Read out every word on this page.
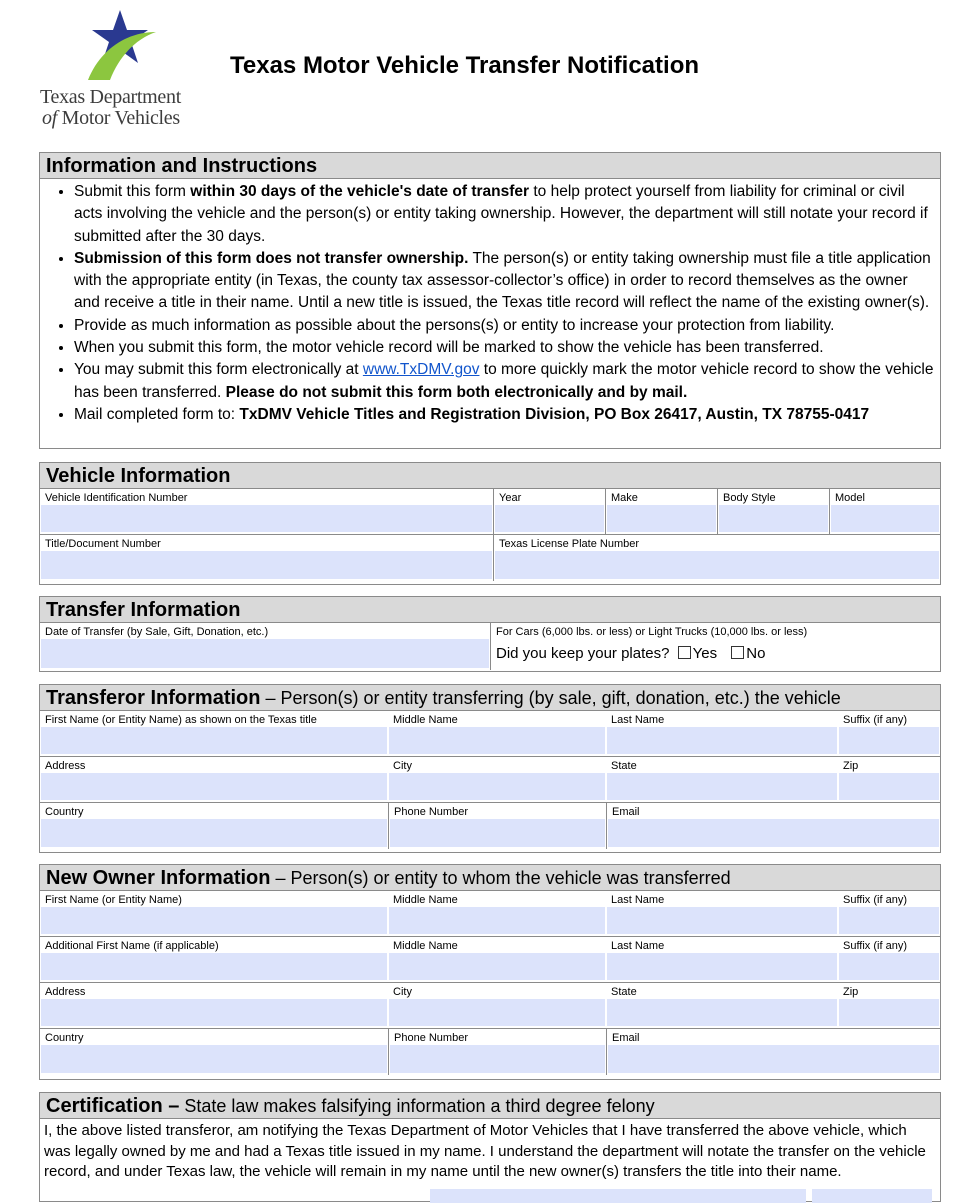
Texas Department
of Motor Vehicles
Texas Motor Vehicle Transfer Notification
Information and Instructions
• Submit this form within 30 days of the vehicle's date of transfer to help protect yourself from liability for criminal or civil acts involving the vehicle and the person(s) or entity taking ownership. However, the department will still notate your record if submitted after the 30 days.
• Submission of this form does not transfer ownership. The person(s) or entity taking ownership must file a title application with the appropriate entity (in Texas, the county tax assessor-collector’s office) in order to record themselves as the owner and receive a title in their name. Until a new title is issued, the Texas title record will reflect the name of the existing owner(s).
• Provide as much information as possible about the persons(s) or entity to increase your protection from liability.
• When you submit this form, the motor vehicle record will be marked to show the vehicle has been transferred.
• You may submit this form electronically at www.TxDMV.gov to more quickly mark the motor vehicle record to show the vehicle has been transferred. Please do not submit this form both electronically and by mail.
• Mail completed form to: TxDMV Vehicle Titles and Registration Division, PO Box 26417, Austin, TX 78755-0417
Vehicle Information
Vehicle Identification Number	Year	Make	Body Style	Model
Title/Document Number	Texas License Plate Number
Transfer Information
Date of Transfer (by Sale, Gift, Donation, etc.)	For Cars (6,000 lbs. or less) or Light Trucks (10,000 lbs. or less)
Did you keep your plates? Yes No
Transferor Information – Person(s) or entity transferring (by sale, gift, donation, etc.) the vehicle
First Name (or Entity Name) as shown on the Texas title	Middle Name	Last Name	Suffix (if any)
Address	City	State	Zip
Country	Phone Number	Email
New Owner Information – Person(s) or entity to whom the vehicle was transferred
First Name (or Entity Name)	Middle Name	Last Name	Suffix (if any)
Additional First Name (if applicable)	Middle Name	Last Name	Suffix (if any)
Address	City	State	Zip
Country	Phone Number	Email
Certification – State law makes falsifying information a third degree felony
I, the above listed transferor, am notifying the Texas Department of Motor Vehicles that I have transferred the above vehicle, which was legally owned by me and had a Texas title issued in my name. I understand the department will notate the transfer on the vehicle record, and under Texas law, the vehicle will remain in my name until the new owner(s) transfers the title into their name.
